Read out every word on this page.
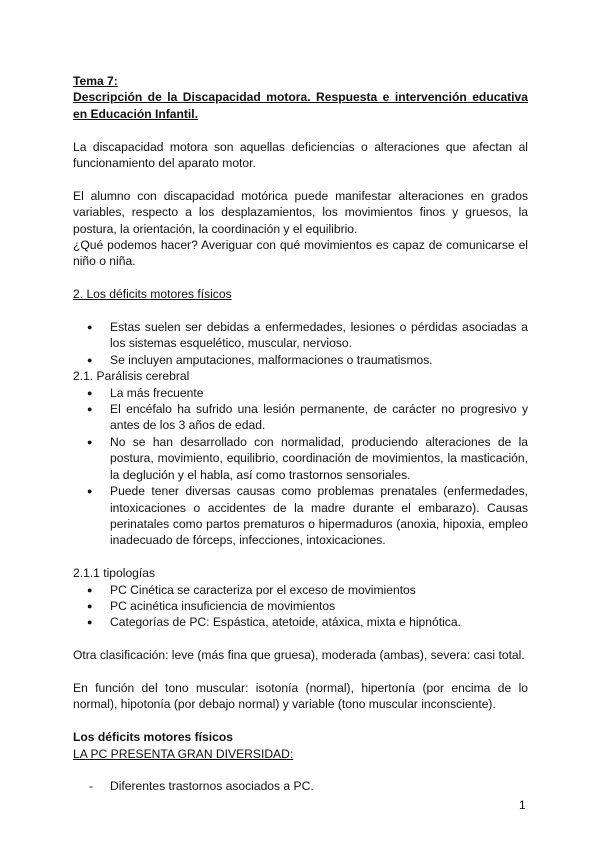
Tema 7:
Descripción de la Discapacidad motora. Respuesta e intervención educativa en Educación Infantil.

La discapacidad motora son aquellas deficiencias o alteraciones que afectan al funcionamiento del aparato motor.

El alumno con discapacidad motórica puede manifestar alteraciones en grados variables, respecto a los desplazamientos, los movimientos finos y gruesos, la postura, la orientación, la coordinación y el equilibrio.

¿Qué podemos hacer? Averiguar con qué movimientos es capaz de comunicarse el niño o niña.

2. Los déficits motores físicos
● Estas suelen ser debidas a enfermedades, lesiones o pérdidas asociadas a los sistemas esquelético, muscular, nervioso.
● Se incluyen amputaciones, malformaciones o traumatismos.
2.1. Parálisis cerebral
● La más frecuente
● El encéfalo ha sufrido una lesión permanente, de carácter no progresivo y antes de los 3 años de edad.
● No se han desarrollado con normalidad, produciendo alteraciones de la postura, movimiento, equilibrio, coordinación de movimientos, la masticación, la deglución y el habla, así como trastornos sensoriales.
● Puede tener diversas causas como problemas prenatales (enfermedades, intoxicaciones o accidentes de la madre durante el embarazo). Causas perinatales como partos prematuros o hipermaduros (anoxia, hipoxia, empleo inadecuado de fórceps, infecciones, intoxicaciones.
2.1.1 tipologías
● PC Cinética se caracteriza por el exceso de movimientos
● PC acinética insuficiencia de movimientos
● Categorías de PC: Espástica, atetoide, atáxica, mixta e hipnótica.

Otra clasificación: leve (más fina que gruesa), moderada (ambas), severa: casi total.

En función del tono muscular: isotonía (normal), hipertonía (por encima de lo normal), hipotonía (por debajo normal) y variable (tono muscular inconsciente).

Los déficits motores físicos
LA PC PRESENTA GRAN DIVERSIDAD:
- Diferentes trastornos asociados a PC.
1
